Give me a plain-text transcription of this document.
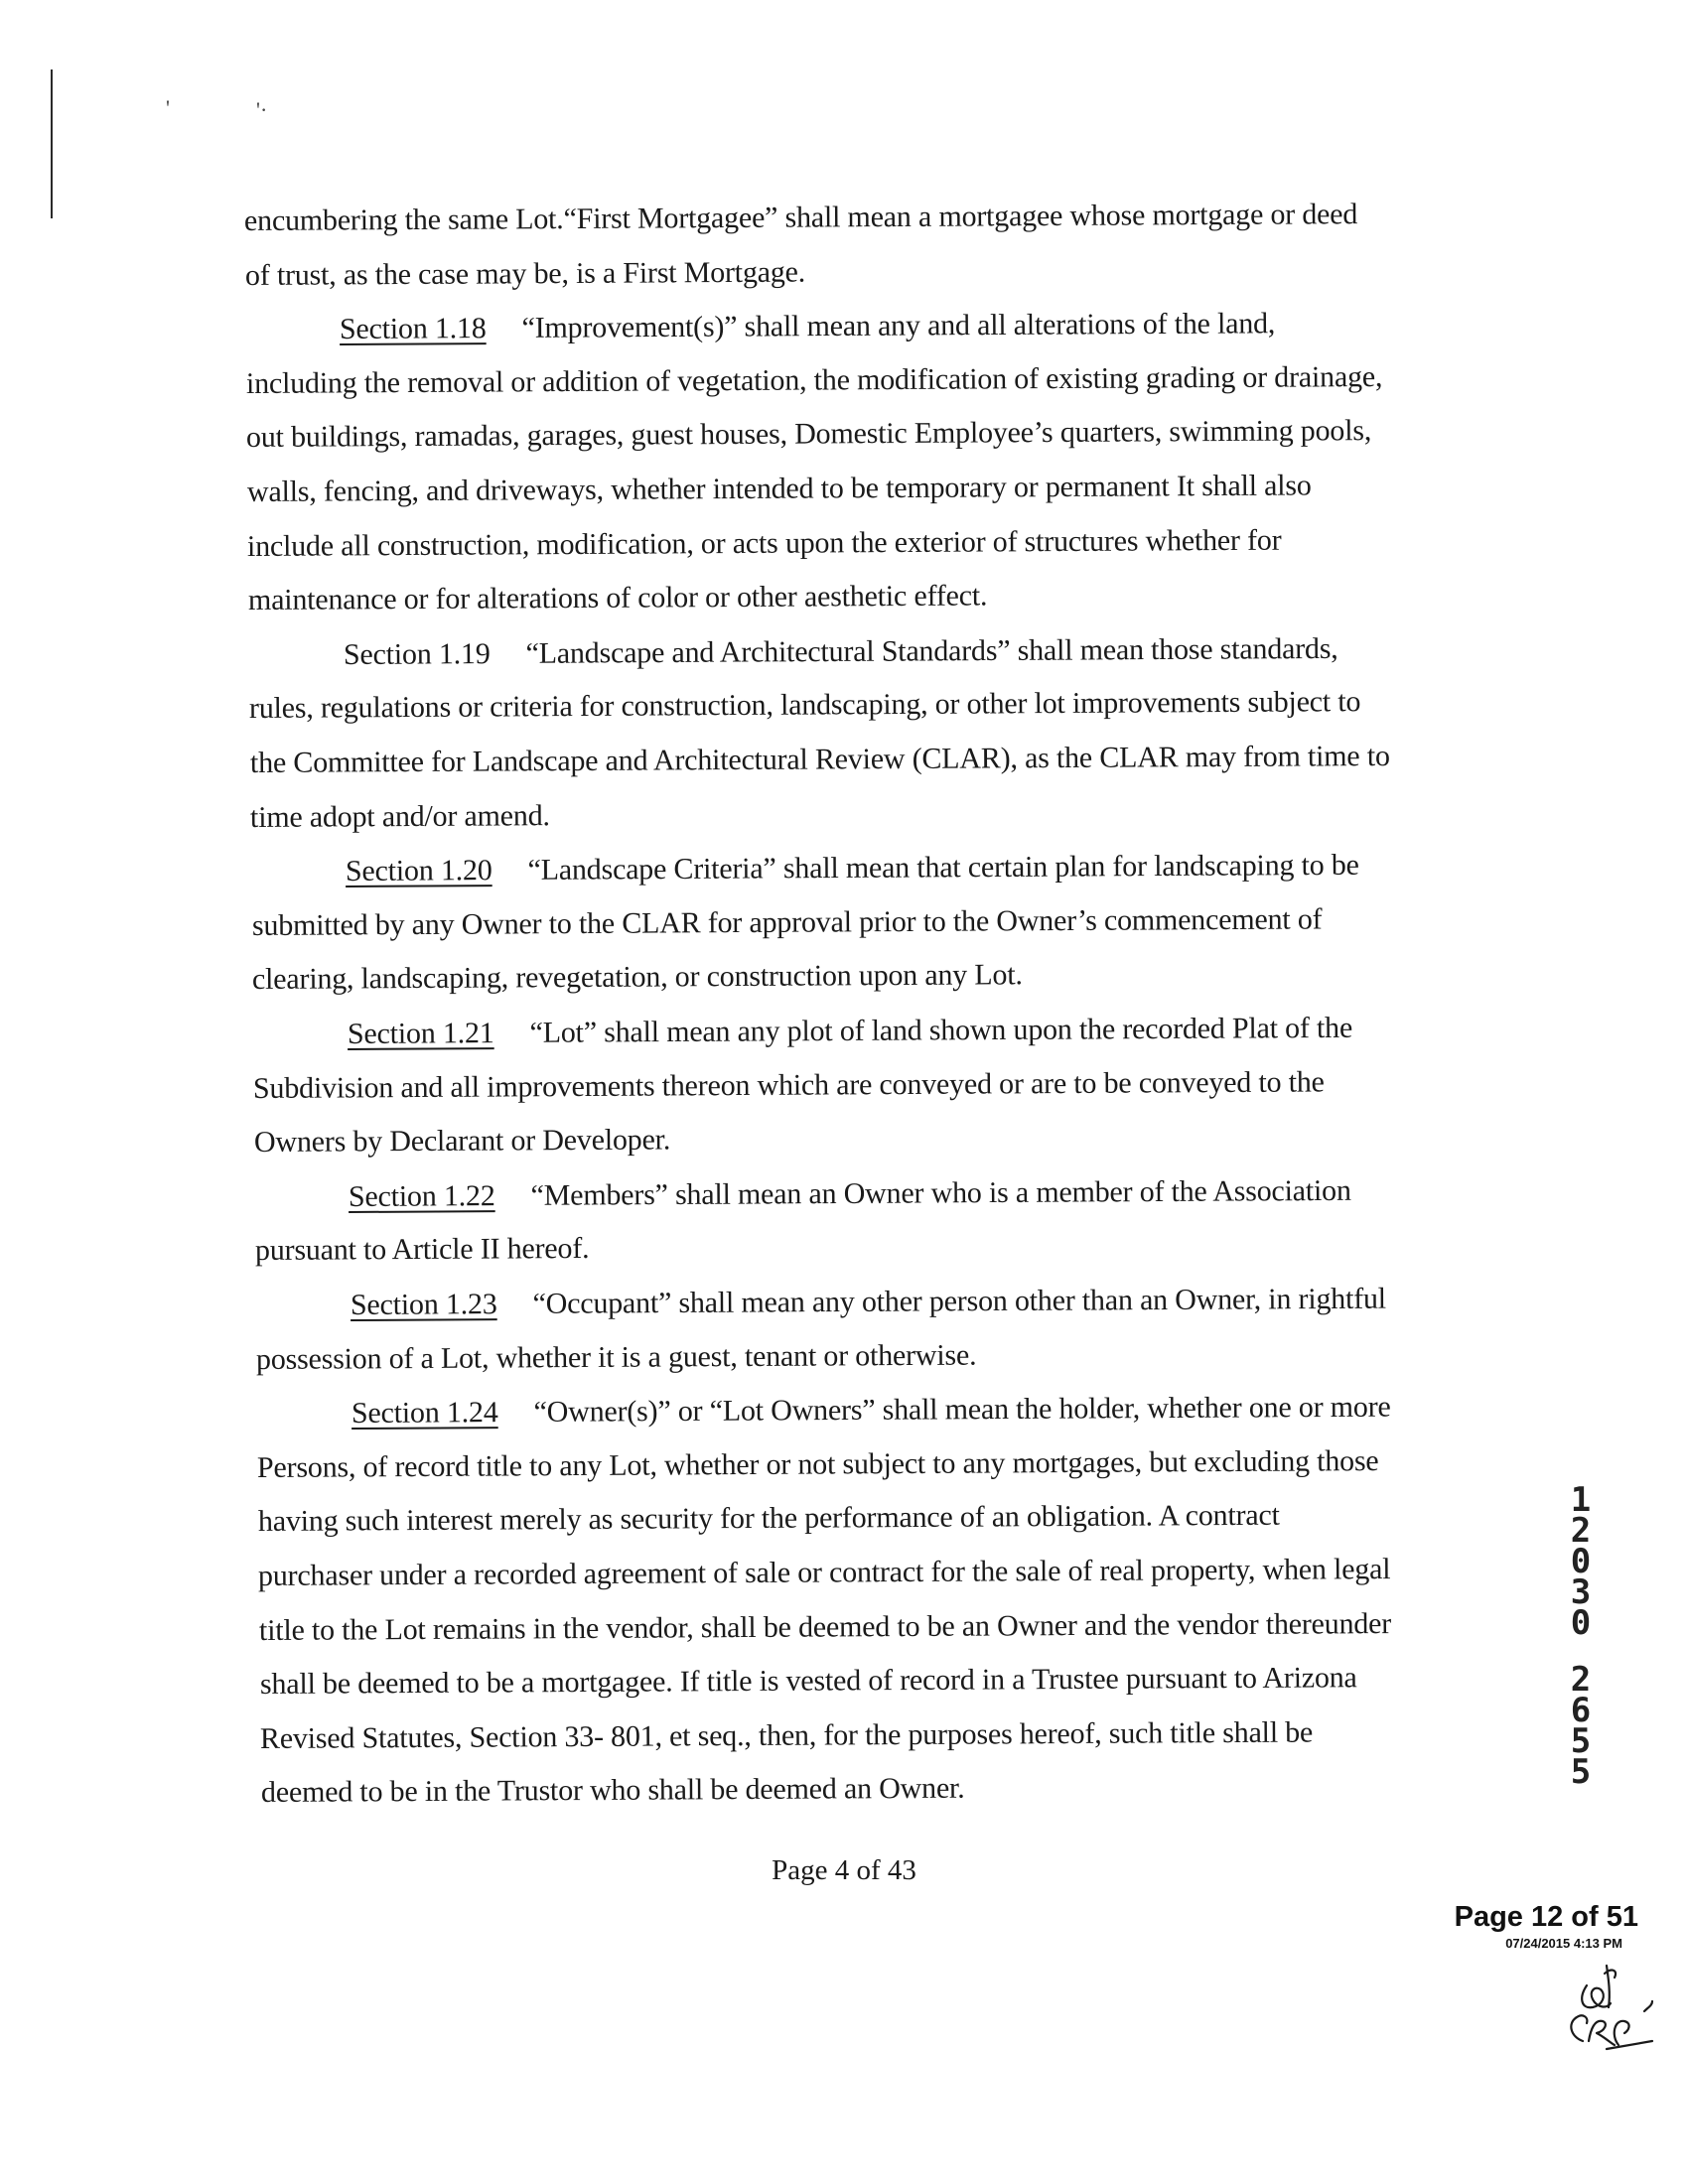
'	'·
encumbering the same Lot.“First Mortgagee” shall mean a mortgagee whose mortgage or deed
of trust, as the case may be, is a First Mortgage.
Section 1.18 “Improvement(s)” shall mean any and all alterations of the land,
including the removal or addition of vegetation, the modification of existing grading or drainage,
out buildings, ramadas, garages, guest houses, Domestic Employee’s quarters, swimming pools,
walls, fencing, and driveways, whether intended to be temporary or permanent It shall also
include all construction, modification, or acts upon the exterior of structures whether for
maintenance or for alterations of color or other aesthetic effect.
Section 1.19 “Landscape and Architectural Standards” shall mean those standards,
rules, regulations or criteria for construction, landscaping, or other lot improvements subject to
the Committee for Landscape and Architectural Review (CLAR), as the CLAR may from time to
time adopt and/or amend.
Section 1.20 “Landscape Criteria” shall mean that certain plan for landscaping to be
submitted by any Owner to the CLAR for approval prior to the Owner’s commencement of
clearing, landscaping, revegetation, or construction upon any Lot.
Section 1.21 “Lot” shall mean any plot of land shown upon the recorded Plat of the
Subdivision and all improvements thereon which are conveyed or are to be conveyed to the
Owners by Declarant or Developer.
Section 1.22 “Members” shall mean an Owner who is a member of the Association
pursuant to Article II hereof.
Section 1.23 “Occupant” shall mean any other person other than an Owner, in rightful
possession of a Lot, whether it is a guest, tenant or otherwise.
Section 1.24 “Owner(s)” or “Lot Owners” shall mean the holder, whether one or more
Persons, of record title to any Lot, whether or not subject to any mortgages, but excluding those
having such interest merely as security for the performance of an obligation. A contract
purchaser under a recorded agreement of sale or contract for the sale of real property, when legal
title to the Lot remains in the vendor, shall be deemed to be an Owner and the vendor thereunder
shall be deemed to be a mortgagee. If title is vested of record in a Trustee pursuant to Arizona
Revised Statutes, Section 33- 801, et seq., then, for the purposes hereof, such title shall be
deemed to be in the Trustor who shall be deemed an Owner.
Page 4 of 43
1
2
0
3
0
2
6
5
5
Page 12 of 51
07/24/2015 4:13 PM
